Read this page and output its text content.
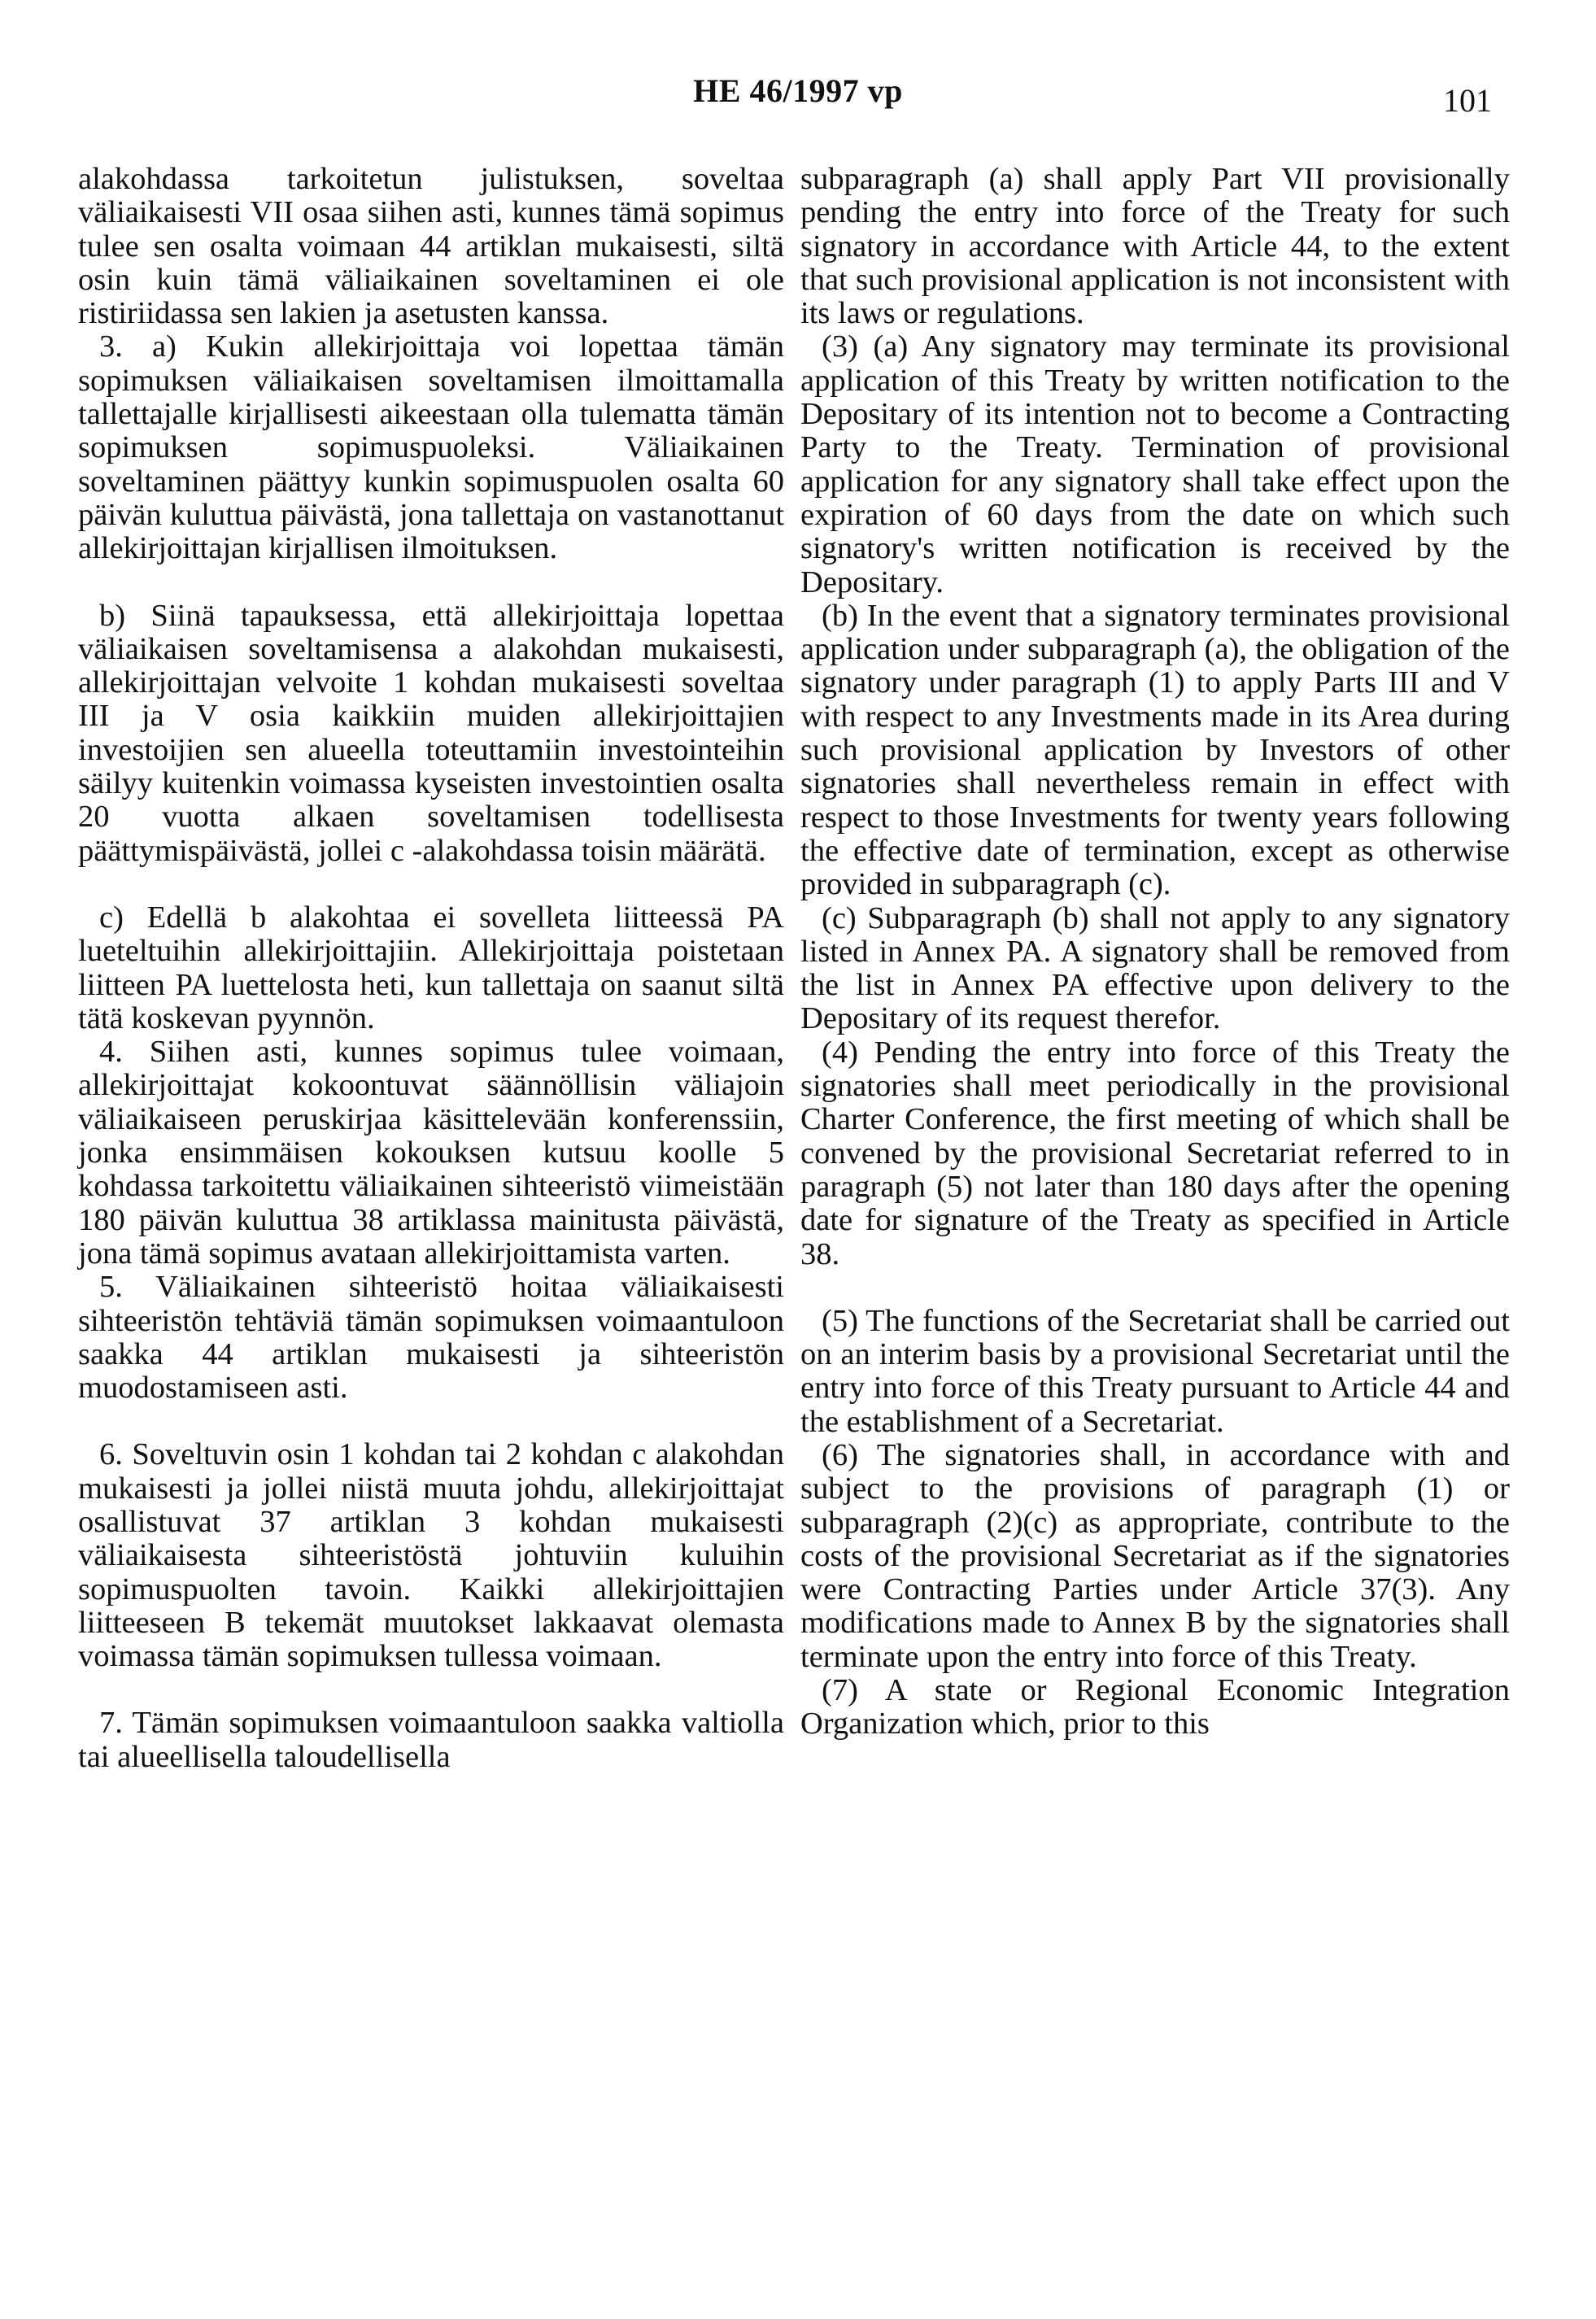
HE 46/1997 vp	101

alakohdassa tarkoitetun julistuksen, soveltaa väliaikaisesti VII osaa siihen asti, kunnes tämä sopimus tulee sen osalta voimaan 44 artiklan mukaisesti, siltä osin kuin tämä väliaikainen soveltaminen ei ole ristiriidassa sen lakien ja asetusten kanssa.

3. a) Kukin allekirjoittaja voi lopettaa tämän sopimuksen väliaikaisen soveltamisen ilmoittamalla tallettajalle kirjallisesti aikeestaan olla tulematta tämän sopimuksen sopimuspuoleksi. Väliaikainen soveltaminen päättyy kunkin sopimuspuolen osalta 60 päivän kuluttua päivästä, jona tallettaja on vastanottanut allekirjoittajan kirjallisen ilmoituksen.

b) Siinä tapauksessa, että allekirjoittaja lopettaa väliaikaisen soveltamisensa a alakohdan mukaisesti, allekirjoittajan velvoite 1 kohdan mukaisesti soveltaa III ja V osia kaikkiin muiden allekirjoittajien investoijien sen alueella toteuttamiin investointeihin säilyy kuitenkin voimassa kyseisten investointien osalta 20 vuotta alkaen soveltamisen todellisesta päättymispäivästä, jollei c -alakohdassa toisin määrätä.

c) Edellä b alakohtaa ei sovelleta liitteessä PA lueteltuihin allekirjoittajiin. Allekirjoittaja poistetaan liitteen PA luettelosta heti, kun tallettaja on saanut siltä tätä koskevan pyynnön.

4. Siihen asti, kunnes sopimus tulee voimaan, allekirjoittajat kokoontuvat säännöllisin väliajoin väliaikaiseen peruskirjaa käsittelevään konferenssiin, jonka ensimmäisen kokouksen kutsuu koolle 5 kohdassa tarkoitettu väliaikainen sihteeristö viimeistään 180 päivän kuluttua 38 artiklassa mainitusta päivästä, jona tämä sopimus avataan allekirjoittamista varten.

5. Väliaikainen sihteeristö hoitaa väliaikaisesti sihteeristön tehtäviä tämän sopimuksen voimaantuloon saakka 44 artiklan mukaisesti ja sihteeristön muodostamiseen asti.

6. Soveltuvin osin 1 kohdan tai 2 kohdan c alakohdan mukaisesti ja jollei niistä muuta johdu, allekirjoittajat osallistuvat 37 artiklan 3 kohdan mukaisesti väliaikaisesta sihteeristöstä johtuviin kuluihin sopimuspuolten tavoin. Kaikki allekirjoittajien liitteeseen B tekemät muutokset lakkaavat olemasta voimassa tämän sopimuksen tullessa voimaan.

7. Tämän sopimuksen voimaantuloon saakka valtiolla tai alueellisella taloudellisella

subparagraph (a) shall apply Part VII provisionally pending the entry into force of the Treaty for such signatory in accordance with Article 44, to the extent that such provisional application is not inconsistent with its laws or regulations.

(3) (a) Any signatory may terminate its provisional application of this Treaty by written notification to the Depositary of its intention not to become a Contracting Party to the Treaty. Termination of provisional application for any signatory shall take effect upon the expiration of 60 days from the date on which such signatory's written notification is received by the Depositary.

(b) In the event that a signatory terminates provisional application under subparagraph (a), the obligation of the signatory under paragraph (1) to apply Parts III and V with respect to any Investments made in its Area during such provisional application by Investors of other signatories shall nevertheless remain in effect with respect to those Investments for twenty years following the effective date of termination, except as otherwise provided in subparagraph (c).

(c) Subparagraph (b) shall not apply to any signatory listed in Annex PA. A signatory shall be removed from the list in Annex PA effective upon delivery to the Depositary of its request therefor.

(4) Pending the entry into force of this Treaty the signatories shall meet periodically in the provisional Charter Conference, the first meeting of which shall be convened by the provisional Secretariat referred to in paragraph (5) not later than 180 days after the opening date for signature of the Treaty as specified in Article 38.

(5) The functions of the Secretariat shall be carried out on an interim basis by a provisional Secretariat until the entry into force of this Treaty pursuant to Article 44 and the establishment of a Secretariat.

(6) The signatories shall, in accordance with and subject to the provisions of paragraph (1) or subparagraph (2)(c) as appropriate, contribute to the costs of the provisional Secretariat as if the signatories were Contracting Parties under Article 37(3). Any modifications made to Annex B by the signatories shall terminate upon the entry into force of this Treaty.

(7) A state or Regional Economic Integration Organization which, prior to this
